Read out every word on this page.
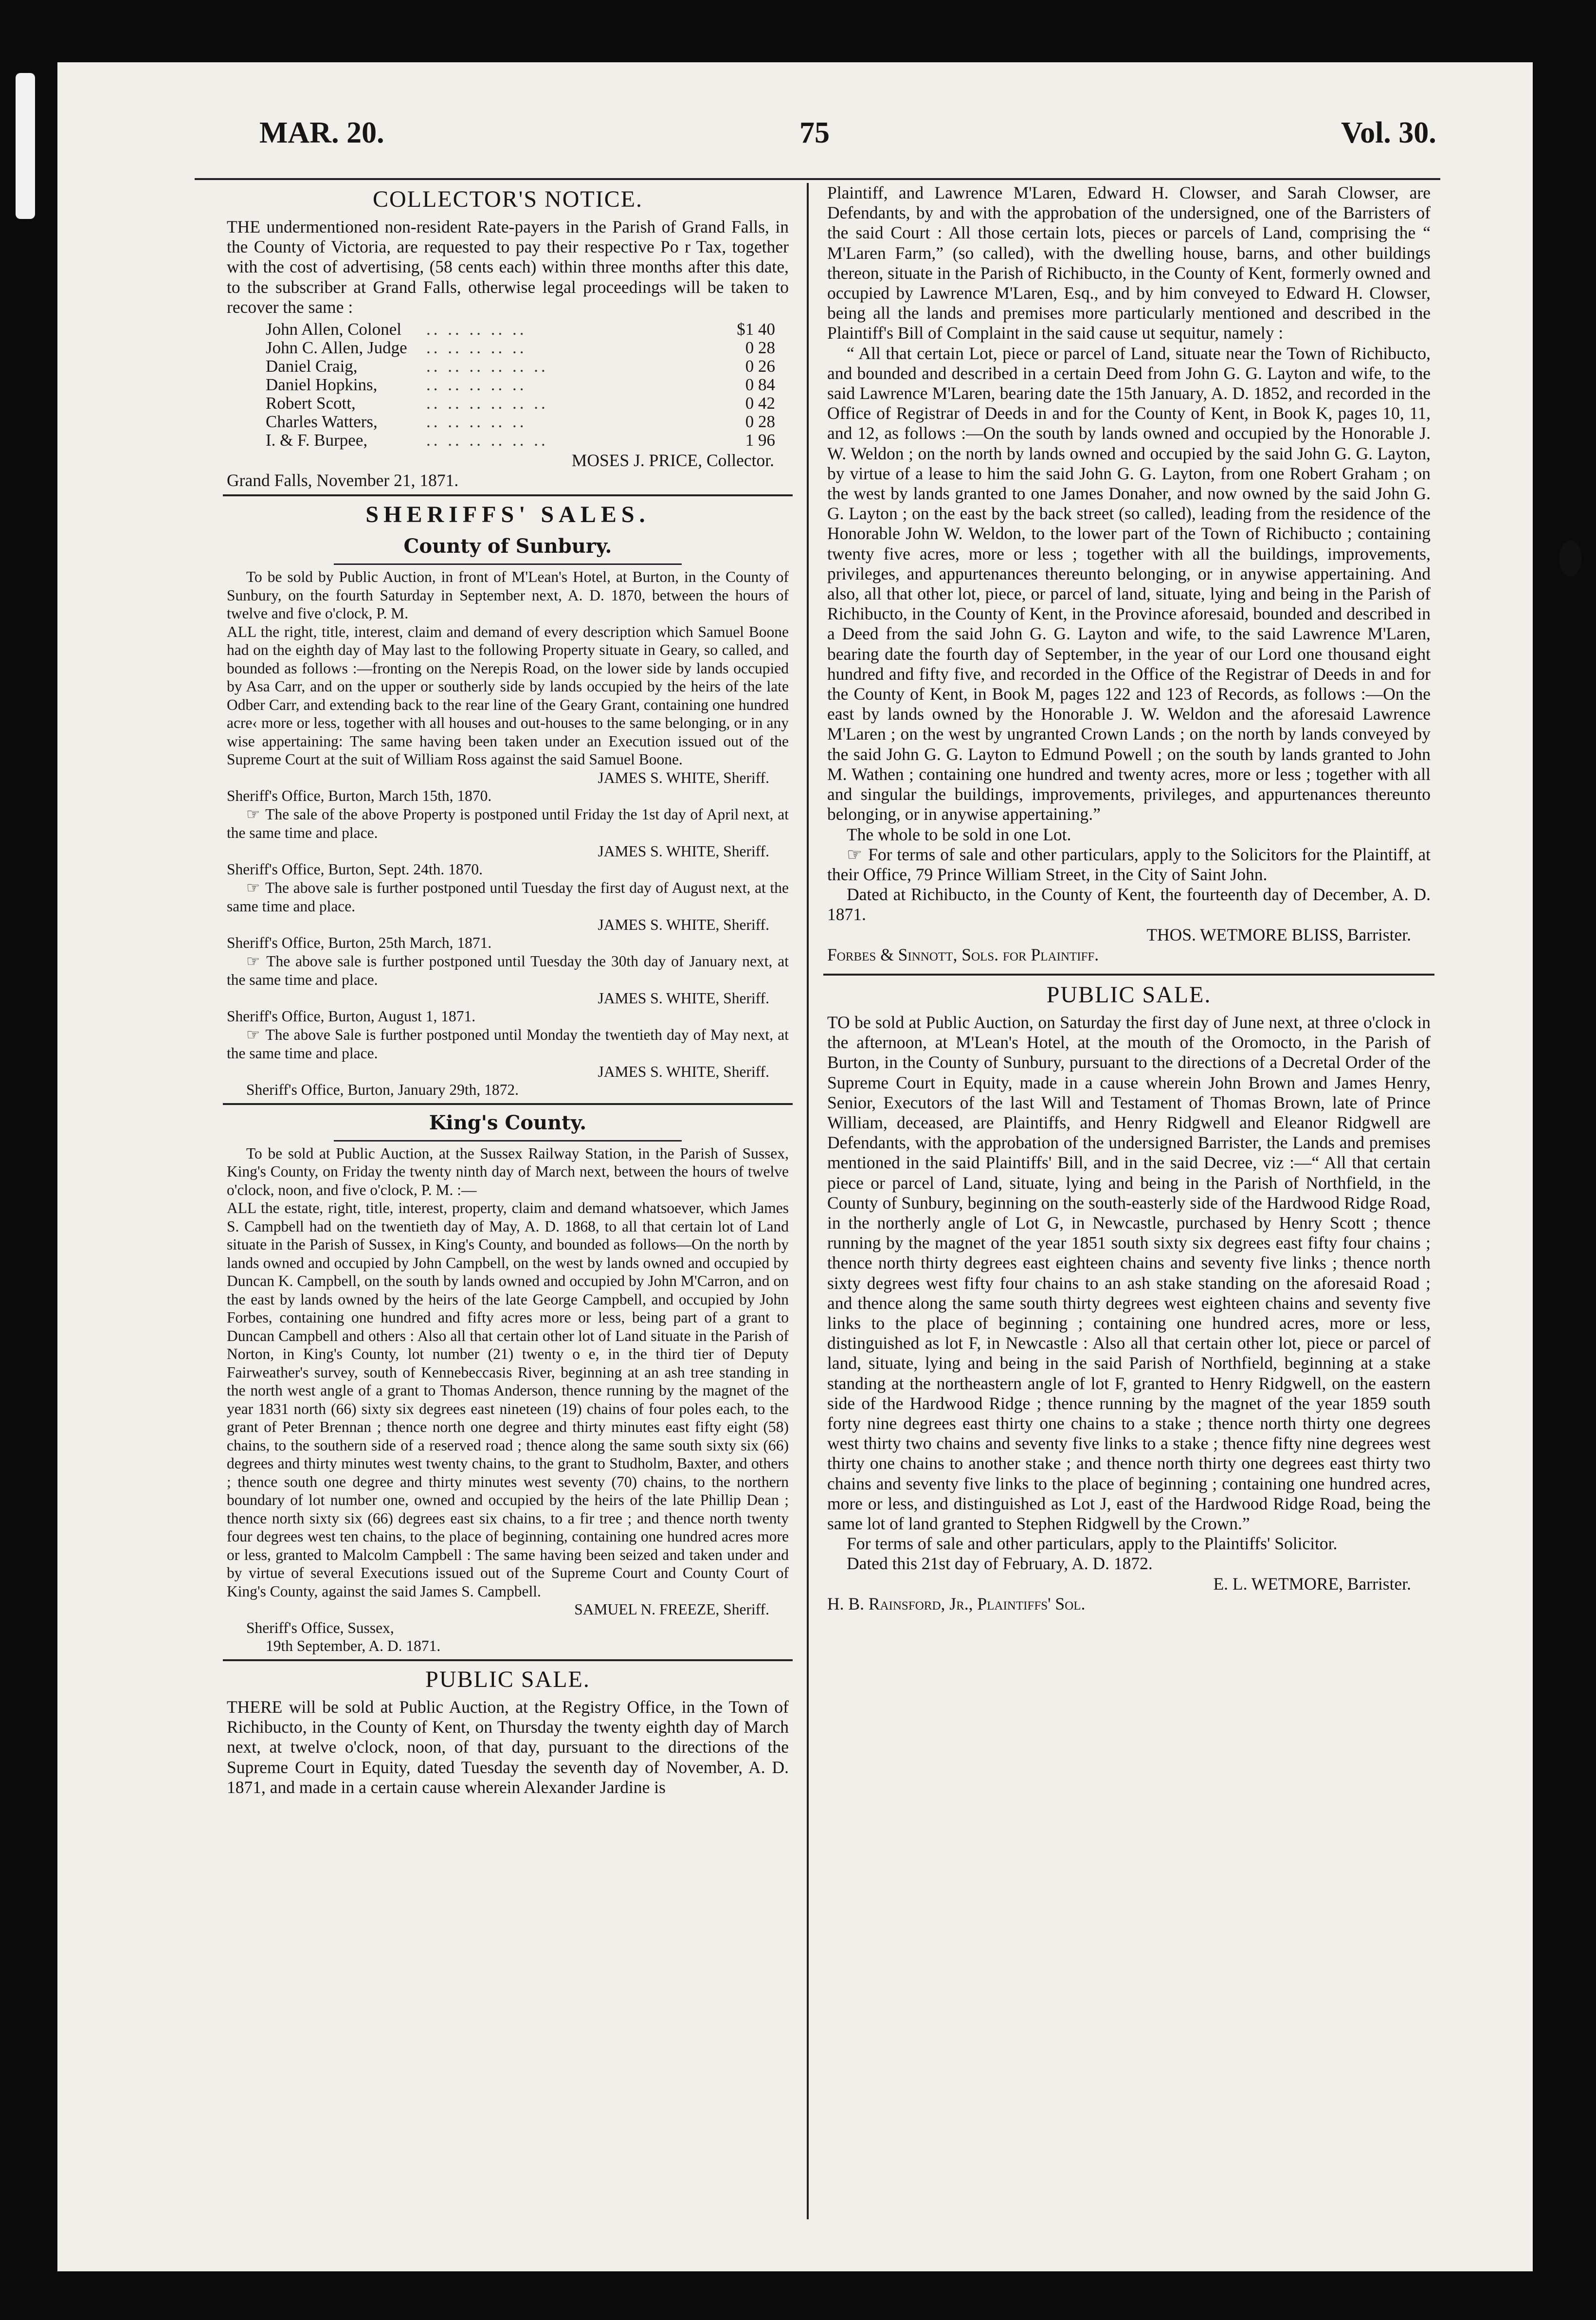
MAR. 20.	75	Vol. 30.
COLLECTOR'S NOTICE.

THE undermentioned non-resident Rate-payers in the Parish of Grand Falls, in the County of Victoria, are requested to pay their respective Po r Tax, together with the cost of advertising, (58 cents each) within three months after this date, to the subscriber at Grand Falls, otherwise legal proceedings will be taken to recover the same :

John Allen, Colonel	.. .. .. .. ..	$1 40
John C. Allen, Judge	.. .. .. .. ..	0 28
Daniel Craig,	.. .. .. .. .. ..	0 26
Daniel Hopkins,	.. .. .. .. ..	0 84
Robert Scott,	.. .. .. .. .. ..	0 42
Charles Watters,	.. .. .. .. ..	0 28
I. & F. Burpee,	.. .. .. .. .. ..	1 96

MOSES J. PRICE, Collector.

Grand Falls, November 21, 1871.

SHERIFFS' SALES.
County of Sunbury.

To be sold by Public Auction, in front of M'Lean's Hotel, at Burton, in the County of Sunbury, on the fourth Saturday in September next, A. D. 1870, between the hours of twelve and five o'clock, P. M.

ALL the right, title, interest, claim and demand of every description which Samuel Boone had on the eighth day of May last to the following Property situate in Geary, so called, and bounded as follows :—fronting on the Nerepis Road, on the lower side by lands occupied by Asa Carr, and on the upper or southerly side by lands occupied by the heirs of the late Odber Carr, and extending back to the rear line of the Geary Grant, containing one hundred acre‹ more or less, together with all houses and out-houses to the same belonging, or in any wise appertaining: The same having been taken under an Execution issued out of the Supreme Court at the suit of William Ross against the said Samuel Boone.

JAMES S. WHITE, Sheriff.

Sheriff's Office, Burton, March 15th, 1870.

☞ The sale of the above Property is postponed until Friday the 1st day of April next, at the same time and place.

JAMES S. WHITE, Sheriff.

Sheriff's Office, Burton, Sept. 24th. 1870.

☞ The above sale is further postponed until Tuesday the first day of August next, at the same time and place.

JAMES S. WHITE, Sheriff.

Sheriff's Office, Burton, 25th March, 1871.

☞ The above sale is further postponed until Tuesday the 30th day of January next, at the same time and place.

JAMES S. WHITE, Sheriff.

Sheriff's Office, Burton, August 1, 1871.

☞ The above Sale is further postponed until Monday the twentieth day of May next, at the same time and place.

JAMES S. WHITE, Sheriff.

Sheriff's Office, Burton, January 29th, 1872.

King's County.

To be sold at Public Auction, at the Sussex Railway Station, in the Parish of Sussex, King's County, on Friday the twenty ninth day of March next, between the hours of twelve o'clock, noon, and five o'clock, P. M. :—

ALL the estate, right, title, interest, property, claim and demand whatsoever, which James S. Campbell had on the twentieth day of May, A. D. 1868, to all that certain lot of Land situate in the Parish of Sussex, in King's County, and bounded as follows—On the north by lands owned and occupied by John Campbell, on the west by lands owned and occupied by Duncan K. Campbell, on the south by lands owned and occupied by John M'Carron, and on the east by lands owned by the heirs of the late George Campbell, and occupied by John Forbes, containing one hundred and fifty acres more or less, being part of a grant to Duncan Campbell and others : Also all that certain other lot of Land situate in the Parish of Norton, in King's County, lot number (21) twenty o e, in the third tier of Deputy Fairweather's survey, south of Kennebeccasis River, beginning at an ash tree standing in the north west angle of a grant to Thomas Anderson, thence running by the magnet of the year 1831 north (66) sixty six degrees east nineteen (19) chains of four poles each, to the grant of Peter Brennan ; thence north one degree and thirty minutes east fifty eight (58) chains, to the southern side of a reserved road ; thence along the same south sixty six (66) degrees and thirty minutes west twenty chains, to the grant to Studholm, Baxter, and others ; thence south one degree and thirty minutes west seventy (70) chains, to the northern boundary of lot number one, owned and occupied by the heirs of the late Phillip Dean ; thence north sixty six (66) degrees east six chains, to a fir tree ; and thence north twenty four degrees west ten chains, to the place of beginning, containing one hundred acres more or less, granted to Malcolm Campbell : The same having been seized and taken under and by virtue of several Executions issued out of the Supreme Court and County Court of King's County, against the said James S. Campbell.

SAMUEL N. FREEZE, Sheriff.

Sheriff's Office, Sussex,

19th September, A. D. 1871.

PUBLIC SALE.

THERE will be sold at Public Auction, at the Registry Office, in the Town of Richibucto, in the County of Kent, on Thursday the twenty eighth day of March next, at twelve o'clock, noon, of that day, pursuant to the directions of the Supreme Court in Equity, dated Tuesday the seventh day of November, A. D. 1871, and made in a certain cause wherein Alexander Jardine is

Plaintiff, and Lawrence M'Laren, Edward H. Clowser, and Sarah Clowser, are Defendants, by and with the approbation of the undersigned, one of the Barristers of the said Court : All those certain lots, pieces or parcels of Land, comprising the “ M'Laren Farm,” (so called), with the dwelling house, barns, and other buildings thereon, situate in the Parish of Richibucto, in the County of Kent, formerly owned and occupied by Lawrence M'Laren, Esq., and by him conveyed to Edward H. Clowser, being all the lands and premises more particularly mentioned and described in the Plaintiff's Bill of Complaint in the said cause ut sequitur, namely :

“ All that certain Lot, piece or parcel of Land, situate near the Town of Richibucto, and bounded and described in a certain Deed from John G. G. Layton and wife, to the said Lawrence M'Laren, bearing date the 15th January, A. D. 1852, and recorded in the Office of Registrar of Deeds in and for the County of Kent, in Book K, pages 10, 11, and 12, as follows :—On the south by lands owned and occupied by the Honorable J. W. Weldon ; on the north by lands owned and occupied by the said John G. G. Layton, by virtue of a lease to him the said John G. G. Layton, from one Robert Graham ; on the west by lands granted to one James Donaher, and now owned by the said John G. G. Layton ; on the east by the back street (so called), leading from the residence of the Honorable John W. Weldon, to the lower part of the Town of Richibucto ; containing twenty five acres, more or less ; together with all the buildings, improvements, privileges, and appurtenances thereunto belonging, or in anywise appertaining. And also, all that other lot, piece, or parcel of land, situate, lying and being in the Parish of Richibucto, in the County of Kent, in the Province aforesaid, bounded and described in a Deed from the said John G. G. Layton and wife, to the said Lawrence M'Laren, bearing date the fourth day of September, in the year of our Lord one thousand eight hundred and fifty five, and recorded in the Office of the Registrar of Deeds in and for the County of Kent, in Book M, pages 122 and 123 of Records, as follows :—On the east by lands owned by the Honorable J. W. Weldon and the aforesaid Lawrence M'Laren ; on the west by ungranted Crown Lands ; on the north by lands conveyed by the said John G. G. Layton to Edmund Powell ; on the south by lands granted to John M. Wathen ; containing one hundred and twenty acres, more or less ; together with all and singular the buildings, improvements, privileges, and appurtenances thereunto belonging, or in anywise appertaining.”

The whole to be sold in one Lot.

☞ For terms of sale and other particulars, apply to the Solicitors for the Plaintiff, at their Office, 79 Prince William Street, in the City of Saint John.

Dated at Richibucto, in the County of Kent, the fourteenth day of December, A. D. 1871.

THOS. WETMORE BLISS, Barrister.

Forbes & Sinnott, Sols. for Plaintiff.

PUBLIC SALE.

TO be sold at Public Auction, on Saturday the first day of June next, at three o'clock in the afternoon, at M'Lean's Hotel, at the mouth of the Oromocto, in the Parish of Burton, in the County of Sunbury, pursuant to the directions of a Decretal Order of the Supreme Court in Equity, made in a cause wherein John Brown and James Henry, Senior, Executors of the last Will and Testament of Thomas Brown, late of Prince William, deceased, are Plaintiffs, and Henry Ridgwell and Eleanor Ridgwell are Defendants, with the approbation of the undersigned Barrister, the Lands and premises mentioned in the said Plaintiffs' Bill, and in the said Decree, viz :—“ All that certain piece or parcel of Land, situate, lying and being in the Parish of Northfield, in the County of Sunbury, beginning on the south-easterly side of the Hardwood Ridge Road, in the northerly angle of Lot G, in Newcastle, purchased by Henry Scott ; thence running by the magnet of the year 1851 south sixty six degrees east fifty four chains ; thence north thirty degrees east eighteen chains and seventy five links ; thence north sixty degrees west fifty four chains to an ash stake standing on the aforesaid Road ; and thence along the same south thirty degrees west eighteen chains and seventy five links to the place of beginning ; containing one hundred acres, more or less, distinguished as lot F, in Newcastle : Also all that certain other lot, piece or parcel of land, situate, lying and being in the said Parish of Northfield, beginning at a stake standing at the northeastern angle of lot F, granted to Henry Ridgwell, on the eastern side of the Hardwood Ridge ; thence running by the magnet of the year 1859 south forty nine degrees east thirty one chains to a stake ; thence north thirty one degrees west thirty two chains and seventy five links to a stake ; thence fifty nine degrees west thirty one chains to another stake ; and thence north thirty one degrees east thirty two chains and seventy five links to the place of beginning ; containing one hundred acres, more or less, and distinguished as Lot J, east of the Hardwood Ridge Road, being the same lot of land granted to Stephen Ridgwell by the Crown.”

For terms of sale and other particulars, apply to the Plaintiffs' Solicitor.

Dated this 21st day of February, A. D. 1872.

E. L. WETMORE, Barrister.

H. B. Rainsford, Jr., Plaintiffs' Sol.
